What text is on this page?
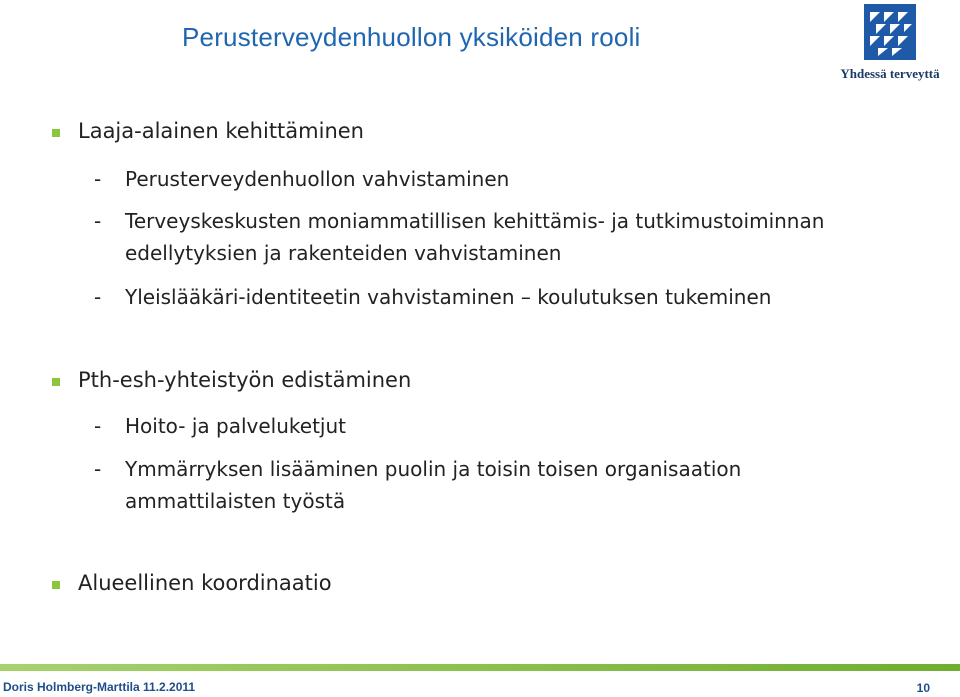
Perusterveydenhuollon yksiköiden rooli
Yhdessä terveyttä
Laaja-alainen kehittäminen
- Perusterveydenhuollon vahvistaminen
- Terveyskeskusten moniammatillisen kehittämis- ja tutkimustoiminnan
edellytyksien ja rakenteiden vahvistaminen
- Yleislääkäri-identiteetin vahvistaminen – koulutuksen tukeminen
Pth-esh-yhteistyön edistäminen
- Hoito- ja palveluketjut
- Ymmärryksen lisääminen puolin ja toisin toisen organisaation
ammattilaisten työstä
Alueellinen koordinaatio
Doris Holmberg-Marttila 11.2.2011	10
